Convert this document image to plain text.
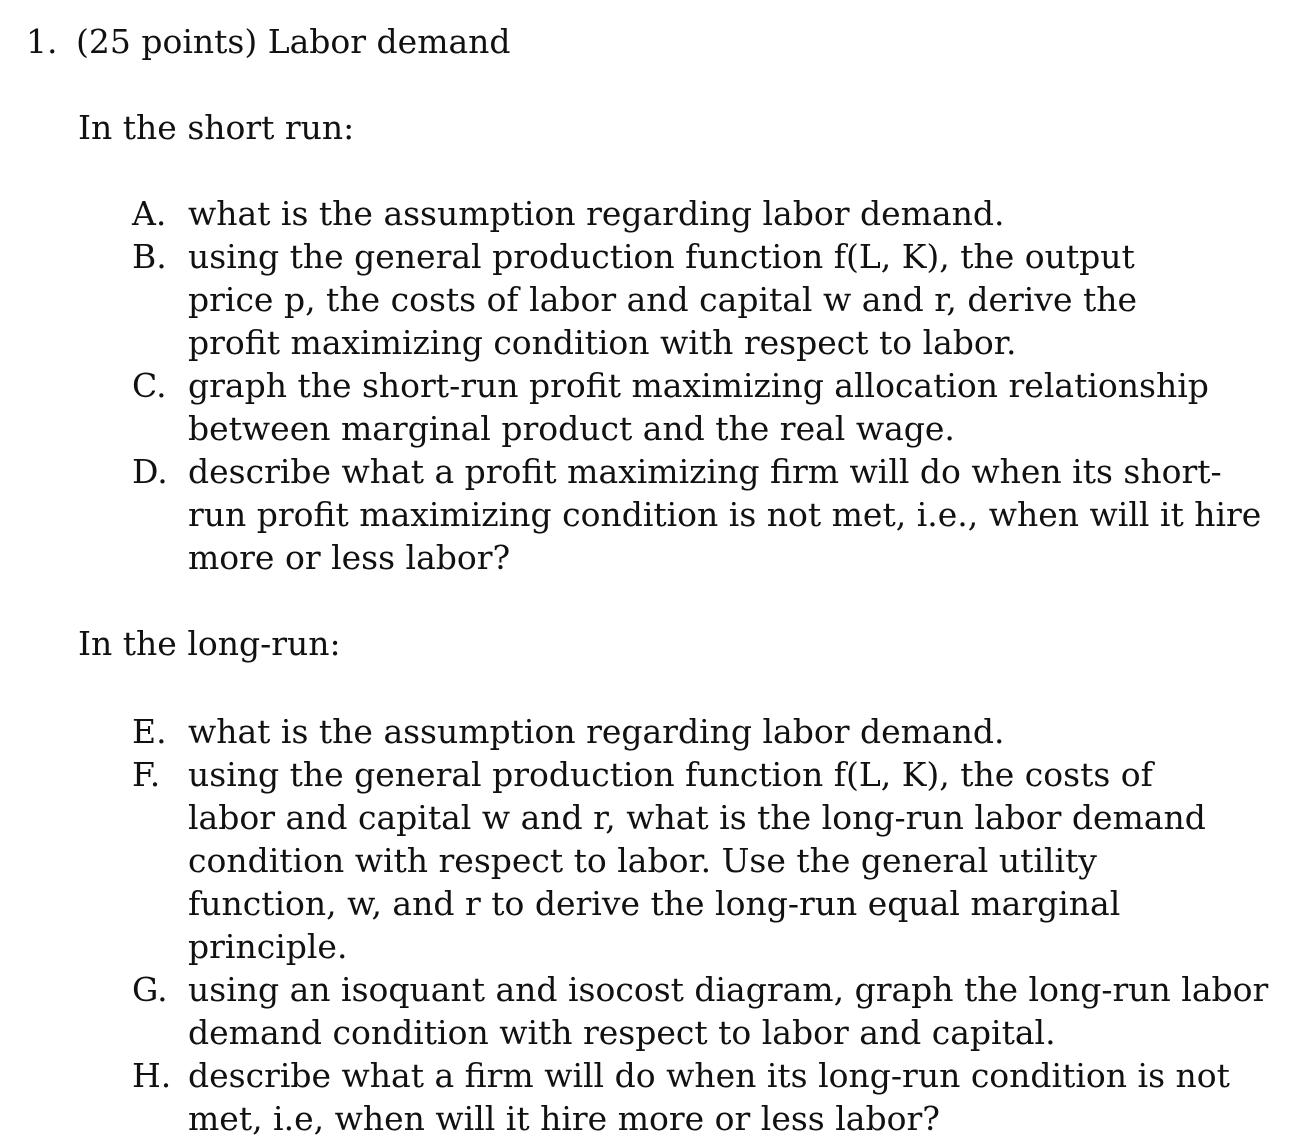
1. (25 points) Labor demand
In the short run:
A. what is the assumption regarding labor demand.
B. using the general production function f(L, K), the output price p, the costs of labor and capital w and r, derive the profit maximizing condition with respect to labor.
C. graph the short-run profit maximizing allocation relationship between marginal product and the real wage.
D. describe what a profit maximizing firm will do when its short-run profit maximizing condition is not met, i.e., when will it hire more or less labor?
In the long-run:
E. what is the assumption regarding labor demand.
F. using the general production function f(L, K), the costs of labor and capital w and r, what is the long-run labor demand condition with respect to labor. Use the general utility function, w, and r to derive the long-run equal marginal principle.
G. using an isoquant and isocost diagram, graph the long-run labor demand condition with respect to labor and capital.
H. describe what a firm will do when its long-run condition is not met, i.e, when will it hire more or less labor?
